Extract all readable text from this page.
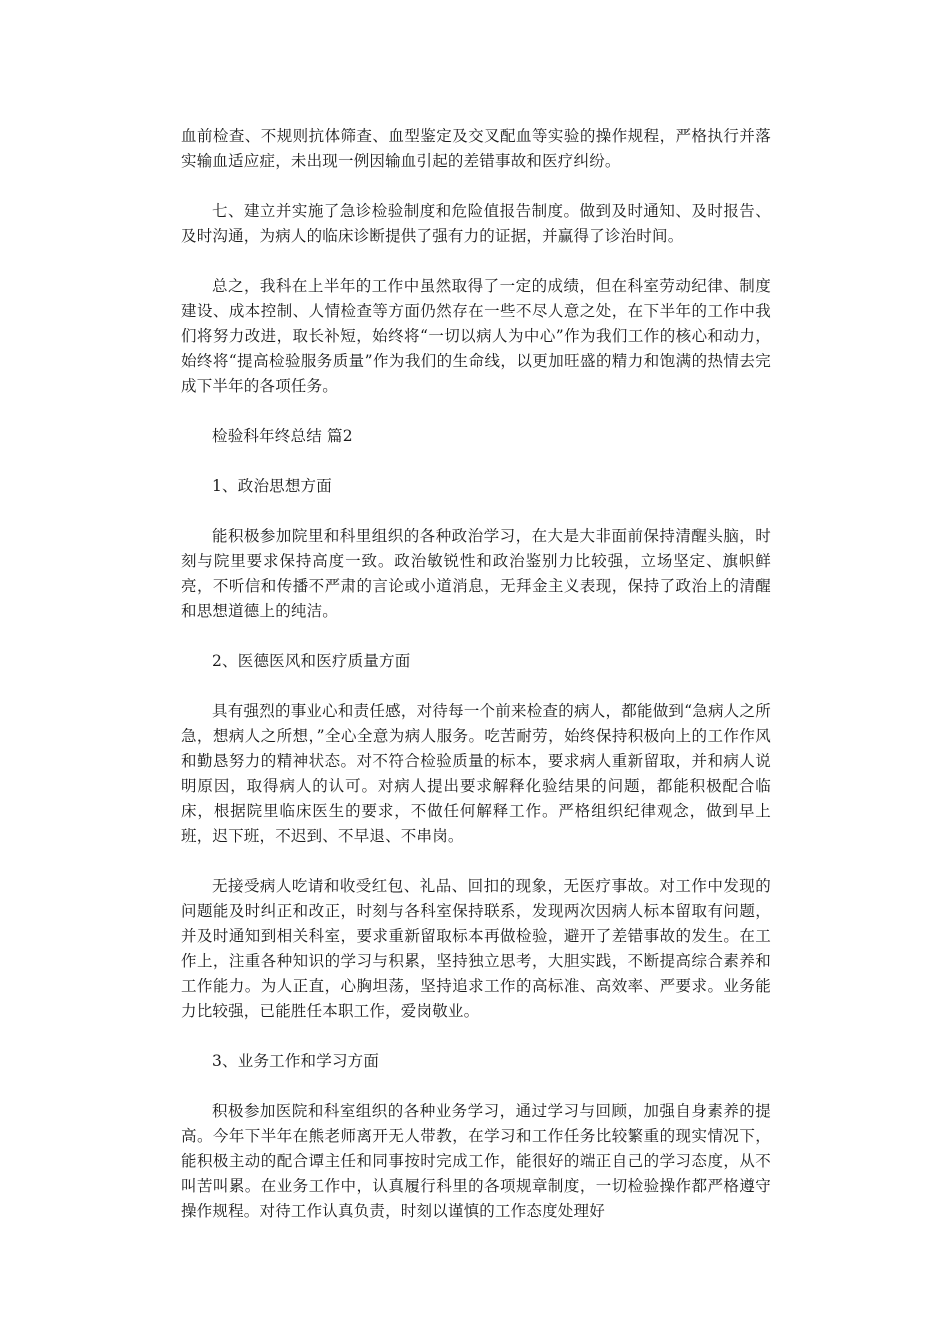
血前检查、不规则抗体筛查、血型鉴定及交叉配血等实验的操作规程，严格执行并落实输血适应症，未出现一例因输血引起的差错事故和医疗纠纷。

七、建立并实施了急诊检验制度和危险值报告制度。做到及时通知、及时报告、及时沟通，为病人的临床诊断提供了强有力的证据，并赢得了诊治时间。

总之，我科在上半年的工作中虽然取得了一定的成绩，但在科室劳动纪律、制度建设、成本控制、人情检查等方面仍然存在一些不尽人意之处，在下半年的工作中我们将努力改进，取长补短，始终将“一切以病人为中心”作为我们工作的核心和动力，始终将“提高检验服务质量”作为我们的生命线，以更加旺盛的精力和饱满的热情去完成下半年的各项任务。

检验科年终总结 篇2

1、政治思想方面

能积极参加院里和科里组织的各种政治学习，在大是大非面前保持清醒头脑，时刻与院里要求保持高度一致。政治敏锐性和政治鉴别力比较强，立场坚定、旗帜鲜亮，不听信和传播不严肃的言论或小道消息，无拜金主义表现，保持了政治上的清醒和思想道德上的纯洁。

2、医德医风和医疗质量方面

具有强烈的事业心和责任感，对待每一个前来检查的病人，都能做到“急病人之所急，想病人之所想，”全心全意为病人服务。吃苦耐劳，始终保持积极向上的工作作风和勤恳努力的精神状态。对不符合检验质量的标本，要求病人重新留取，并和病人说明原因，取得病人的认可。对病人提出要求解释化验结果的问题，都能积极配合临床，根据院里临床医生的要求，不做任何解释工作。严格组织纪律观念，做到早上班，迟下班，不迟到、不早退、不串岗。

无接受病人吃请和收受红包、礼品、回扣的现象，无医疗事故。对工作中发现的问题能及时纠正和改正，时刻与各科室保持联系，发现两次因病人标本留取有问题，并及时通知到相关科室，要求重新留取标本再做检验，避开了差错事故的发生。在工作上，注重各种知识的学习与积累，坚持独立思考，大胆实践，不断提高综合素养和工作能力。为人正直，心胸坦荡，坚持追求工作的高标准、高效率、严要求。业务能力比较强，已能胜任本职工作，爱岗敬业。

3、业务工作和学习方面

积极参加医院和科室组织的各种业务学习，通过学习与回顾，加强自身素养的提高。今年下半年在熊老师离开无人带教，在学习和工作任务比较繁重的现实情况下，能积极主动的配合谭主任和同事按时完成工作，能很好的端正自己的学习态度，从不叫苦叫累。在业务工作中，认真履行科里的各项规章制度，一切检验操作都严格遵守操作规程。对待工作认真负责，时刻以谨慎的工作态度处理好
